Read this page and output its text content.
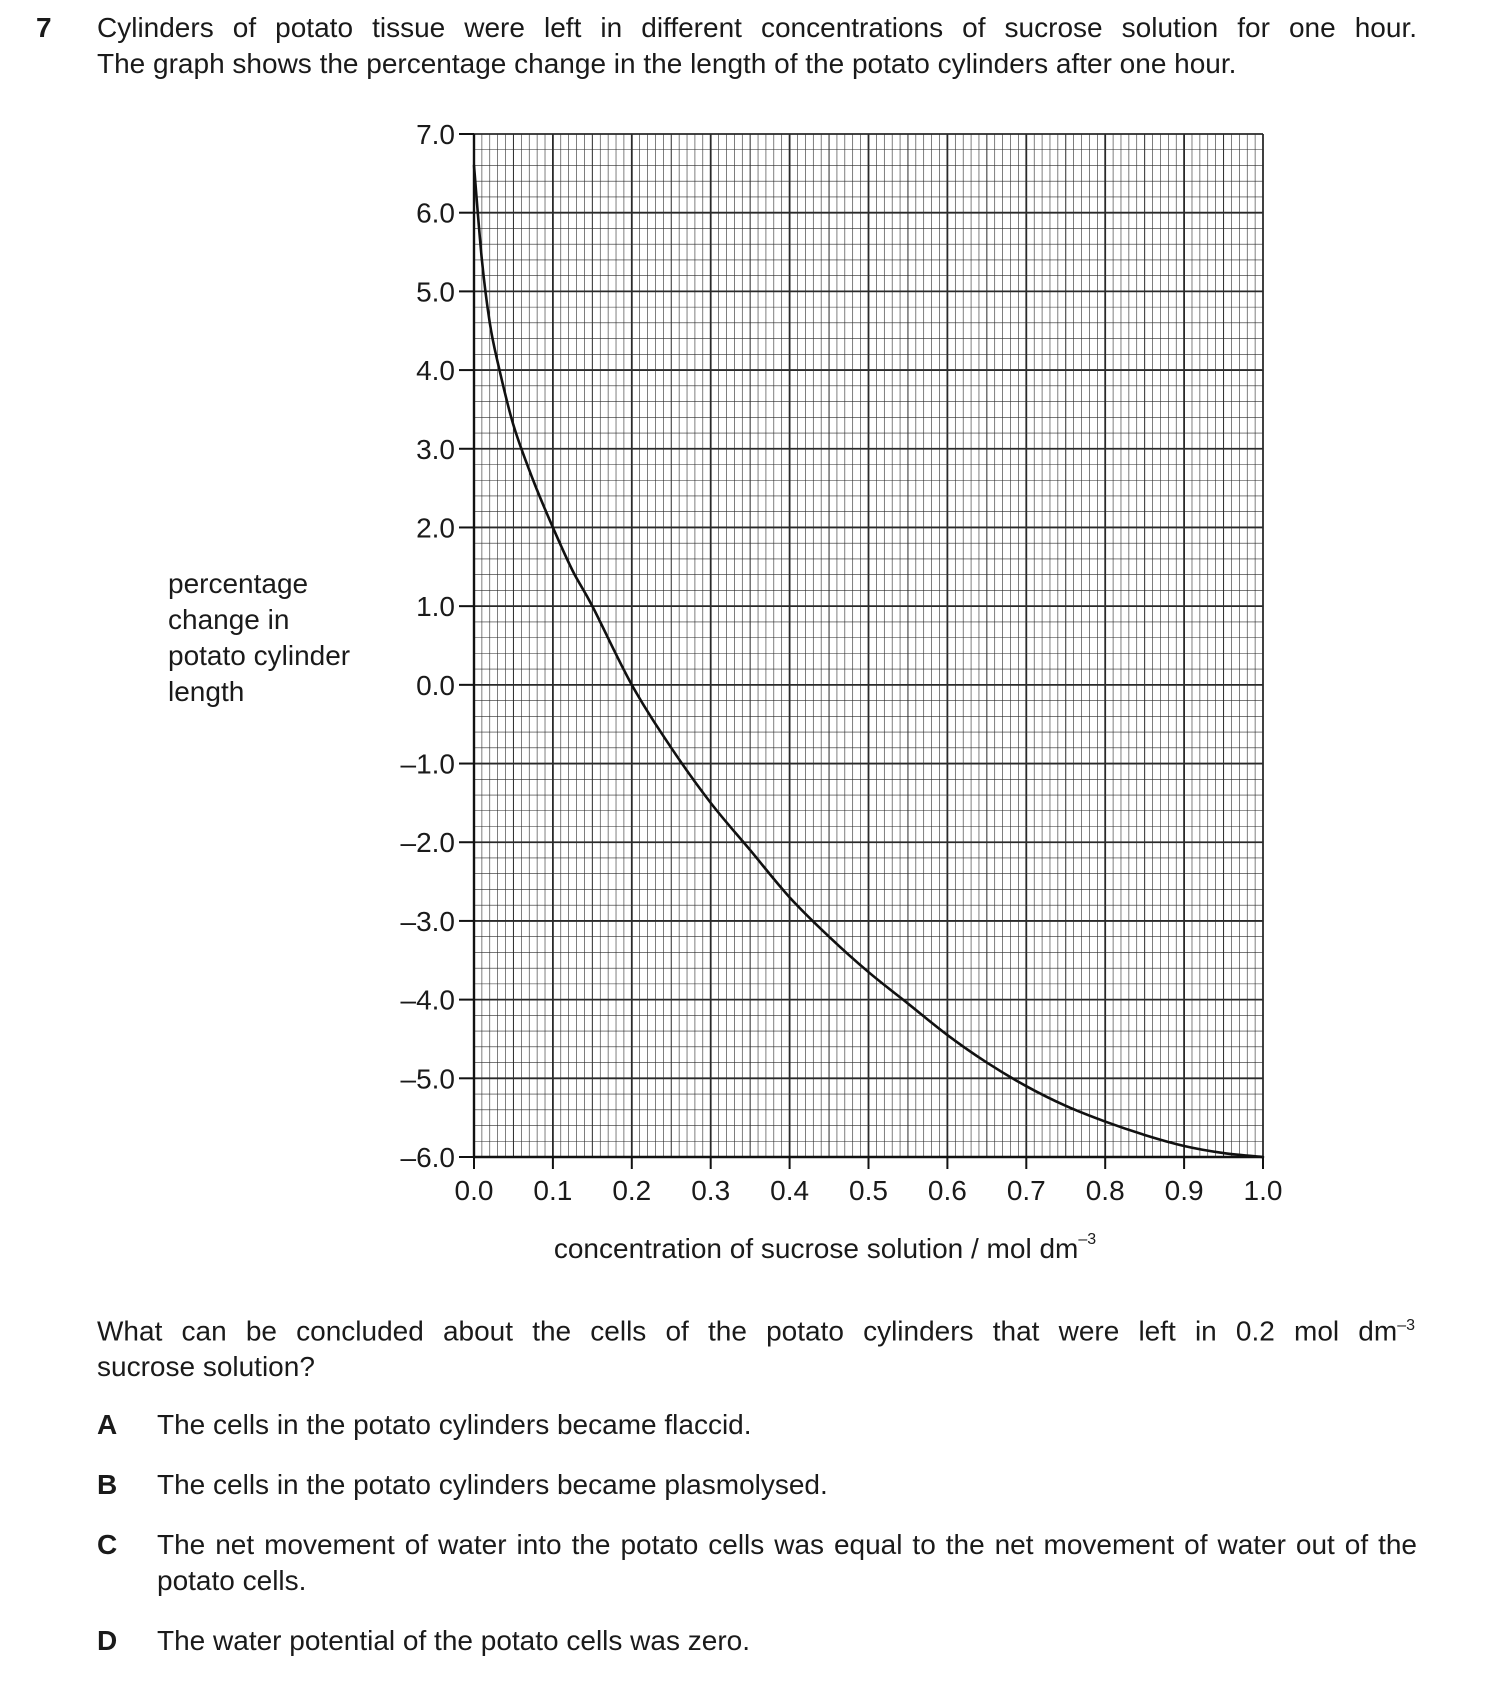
7 Cylinders of potato tissue were left in different concentrations of sucrose solution for one hour.

The graph shows the percentage change in the length of the potato cylinders after one hour.

percentage
change in
potato cylinder
length
7.0
6.0
5.0
4.0
3.0
2.0
1.0
0.0
–1.0
–2.0
–3.0
–4.0
–5.0
–6.0
0.0 0.1 0.2 0.3 0.4 0.5 0.6 0.7 0.8 0.9 1.0
concentration of sucrose solution / mol $dm^{-3}$
What can be concluded about the cells of the potato cylinders that were left in 0.2 mol $dm^{-3}$
sucrose solution?
A	The cells in the potato cylinders became flaccid.
B	The cells in the potato cylinders became plasmolysed.
C	The net movement of water into the potato cells was equal to the net movement of water out of the potato cells.
D	The water potential of the potato cells was zero.
